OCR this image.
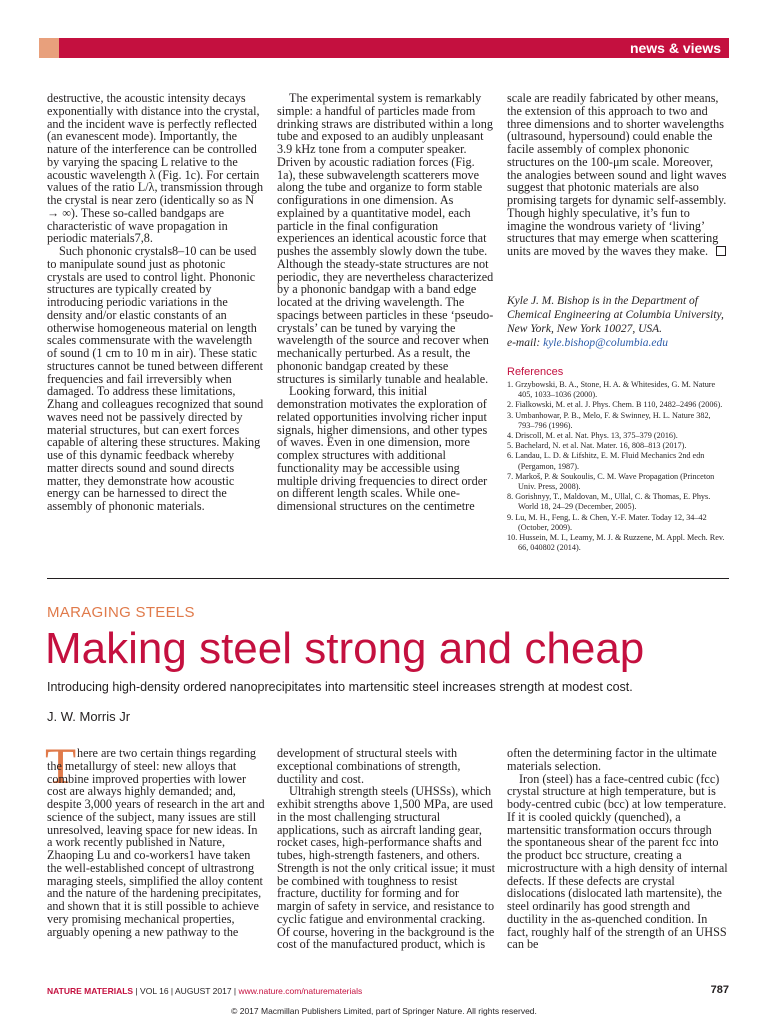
news & views

destructive, the acoustic intensity decays exponentially with distance into the crystal, and the incident wave is perfectly reflected (an evanescent mode). Importantly, the nature of the interference can be controlled by varying the spacing L relative to the acoustic wavelength λ (Fig. 1c). For certain values of the ratio L/λ, transmission through the crystal is near zero (identically so as N → ∞). These so-called bandgaps are characteristic of wave propagation in periodic materials7,8.

Such phononic crystals8–10 can be used to manipulate sound just as photonic crystals are used to control light. Phononic structures are typically created by introducing periodic variations in the density and/or elastic constants of an otherwise homogeneous material on length scales commensurate with the wavelength of sound (1 cm to 10 m in air). These static structures cannot be tuned between different frequencies and fail irreversibly when damaged. To address these limitations, Zhang and colleagues recognized that sound waves need not be passively directed by material structures, but can exert forces capable of altering these structures. Making use of this dynamic feedback whereby matter directs sound and sound directs matter, they demonstrate how acoustic energy can be harnessed to direct the assembly of phononic materials.

The experimental system is remarkably simple: a handful of particles made from drinking straws are distributed within a long tube and exposed to an audibly unpleasant 3.9 kHz tone from a computer speaker. Driven by acoustic radiation forces (Fig. 1a), these subwavelength scatterers move along the tube and organize to form stable configurations in one dimension. As explained by a quantitative model, each particle in the final configuration experiences an identical acoustic force that pushes the assembly slowly down the tube. Although the steady-state structures are not periodic, they are nevertheless characterized by a phononic bandgap with a band edge located at the driving wavelength. The spacings between particles in these ‘pseudo-crystals’ can be tuned by varying the wavelength of the source and recover when mechanically perturbed. As a result, the phononic bandgap created by these structures is similarly tunable and healable.

Looking forward, this initial demonstration motivates the exploration of related opportunities involving richer input signals, higher dimensions, and other types of waves. Even in one dimension, more complex structures with additional functionality may be accessible using multiple driving frequencies to direct order on different length scales. While one-dimensional structures on the centimetre

scale are readily fabricated by other means, the extension of this approach to two and three dimensions and to shorter wavelengths (ultrasound, hypersound) could enable the facile assembly of complex phononic structures on the 100-μm scale. Moreover, the analogies between sound and light waves suggest that photonic materials are also promising targets for dynamic self-assembly. Though highly speculative, it’s fun to imagine the wondrous variety of ‘living’ structures that may emerge when scattering units are moved by the waves they make.

Kyle J. M. Bishop is in the Department of Chemical Engineering at Columbia University, New York, New York 10027, USA.
e-mail: kyle.bishop@columbia.edu
References
1. Grzybowski, B. A., Stone, H. A. & Whitesides, G. M. Nature 405, 1033–1036 (2000).
2. Fialkowski, M. et al. J. Phys. Chem. B 110, 2482–2496 (2006).
3. Umbanhowar, P. B., Melo, F. & Swinney, H. L. Nature 382, 793–796 (1996).
4. Driscoll, M. et al. Nat. Phys. 13, 375–379 (2016).
5. Bachelard, N. et al. Nat. Mater. 16, 808–813 (2017).
6. Landau, L. D. & Lifshitz, E. M. Fluid Mechanics 2nd edn (Pergamon, 1987).
7. Markoš, P. & Soukoulis, C. M. Wave Propagation (Princeton Univ. Press, 2008).
8. Gorishnyy, T., Maldovan, M., Ullal, C. & Thomas, E. Phys. World 18, 24–29 (December, 2005).
9. Lu, M. H., Feng, L. & Chen, Y.-F. Mater. Today 12, 34–42 (October, 2009).
10. Hussein, M. I., Leamy, M. J. & Ruzzene, M. Appl. Mech. Rev. 66, 040802 (2014).
MARAGING STEELS
Making steel strong and cheap
Introducing high-density ordered nanoprecipitates into martensitic steel increases strength at modest cost.
J. W. Morris Jr
T here are two certain things regarding the metallurgy of steel: new alloys that combine improved properties with lower cost are always highly demanded; and, despite 3,000 years of research in the art and science of the subject, many issues are still unresolved, leaving space for new ideas. In a work recently published in Nature, Zhaoping Lu and co-workers1 have taken the well-established concept of ultrastrong maraging steels, simplified the alloy content and the nature of the hardening precipitates, and shown that it is still possible to achieve very promising mechanical properties, arguably opening a new pathway to the

development of structural steels with exceptional combinations of strength, ductility and cost.

Ultrahigh strength steels (UHSSs), which exhibit strengths above 1,500 MPa, are used in the most challenging structural applications, such as aircraft landing gear, rocket cases, high-performance shafts and tubes, high-strength fasteners, and others. Strength is not the only critical issue; it must be combined with toughness to resist fracture, ductility for forming and for margin of safety in service, and resistance to cyclic fatigue and environmental cracking. Of course, hovering in the background is the cost of the manufactured product, which is

often the determining factor in the ultimate materials selection.

Iron (steel) has a face-centred cubic (fcc) crystal structure at high temperature, but is body-centred cubic (bcc) at low temperature. If it is cooled quickly (quenched), a martensitic transformation occurs through the spontaneous shear of the parent fcc into the product bcc structure, creating a microstructure with a high density of internal defects. If these defects are crystal dislocations (dislocated lath martensite), the steel ordinarily has good strength and ductility in the as-quenched condition. In fact, roughly half of the strength of an UHSS can be

NATURE MATERIALS | VOL 16 | AUGUST 2017 | www.nature.com/naturematerials	787
© 2017 Macmillan Publishers Limited, part of Springer Nature. All rights reserved.
